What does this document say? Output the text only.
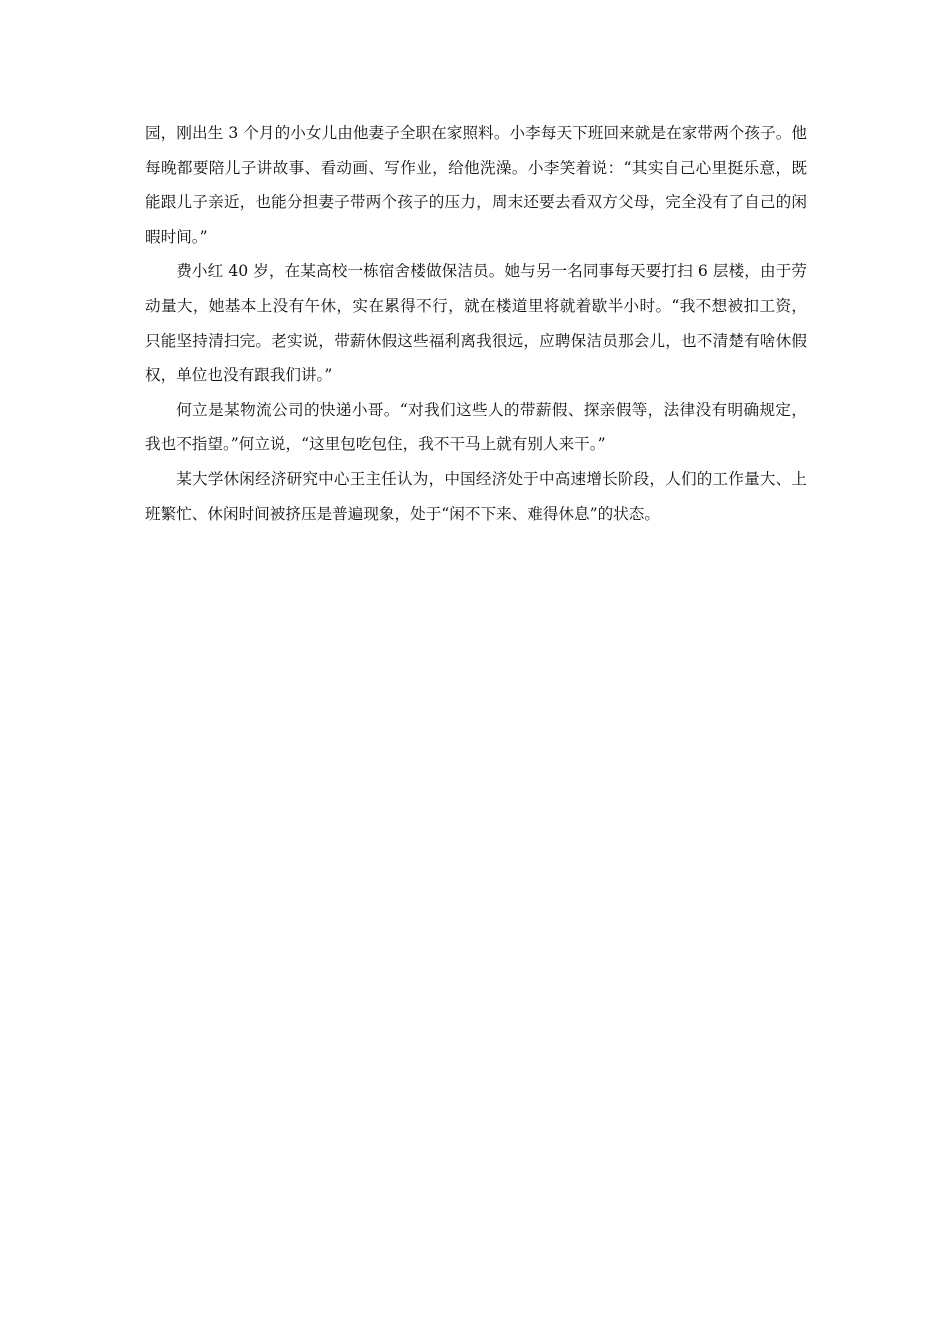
园，刚出生 3 个月的小女儿由他妻子全职在家照料。小李每天下班回来就是在家带两个孩子。他每晚都要陪儿子讲故事、看动画、写作业，给他洗澡。小李笑着说：“其实自己心里挺乐意，既能跟儿子亲近，也能分担妻子带两个孩子的压力，周末还要去看双方父母，完全没有了自己的闲暇时间。”

费小红 40 岁，在某高校一栋宿舍楼做保洁员。她与另一名同事每天要打扫 6 层楼，由于劳动量大，她基本上没有午休，实在累得不行，就在楼道里将就着歇半小时。“我不想被扣工资，只能坚持清扫完。老实说，带薪休假这些福利离我很远，应聘保洁员那会儿，也不清楚有啥休假权，单位也没有跟我们讲。”

何立是某物流公司的快递小哥。“对我们这些人的带薪假、探亲假等，法律没有明确规定，我也不指望。”何立说，“这里包吃包住，我不干马上就有别人来干。”

某大学休闲经济研究中心王主任认为，中国经济处于中高速增长阶段，人们的工作量大、上班繁忙、休闲时间被挤压是普遍现象，处于“闲不下来、难得休息”的状态。
